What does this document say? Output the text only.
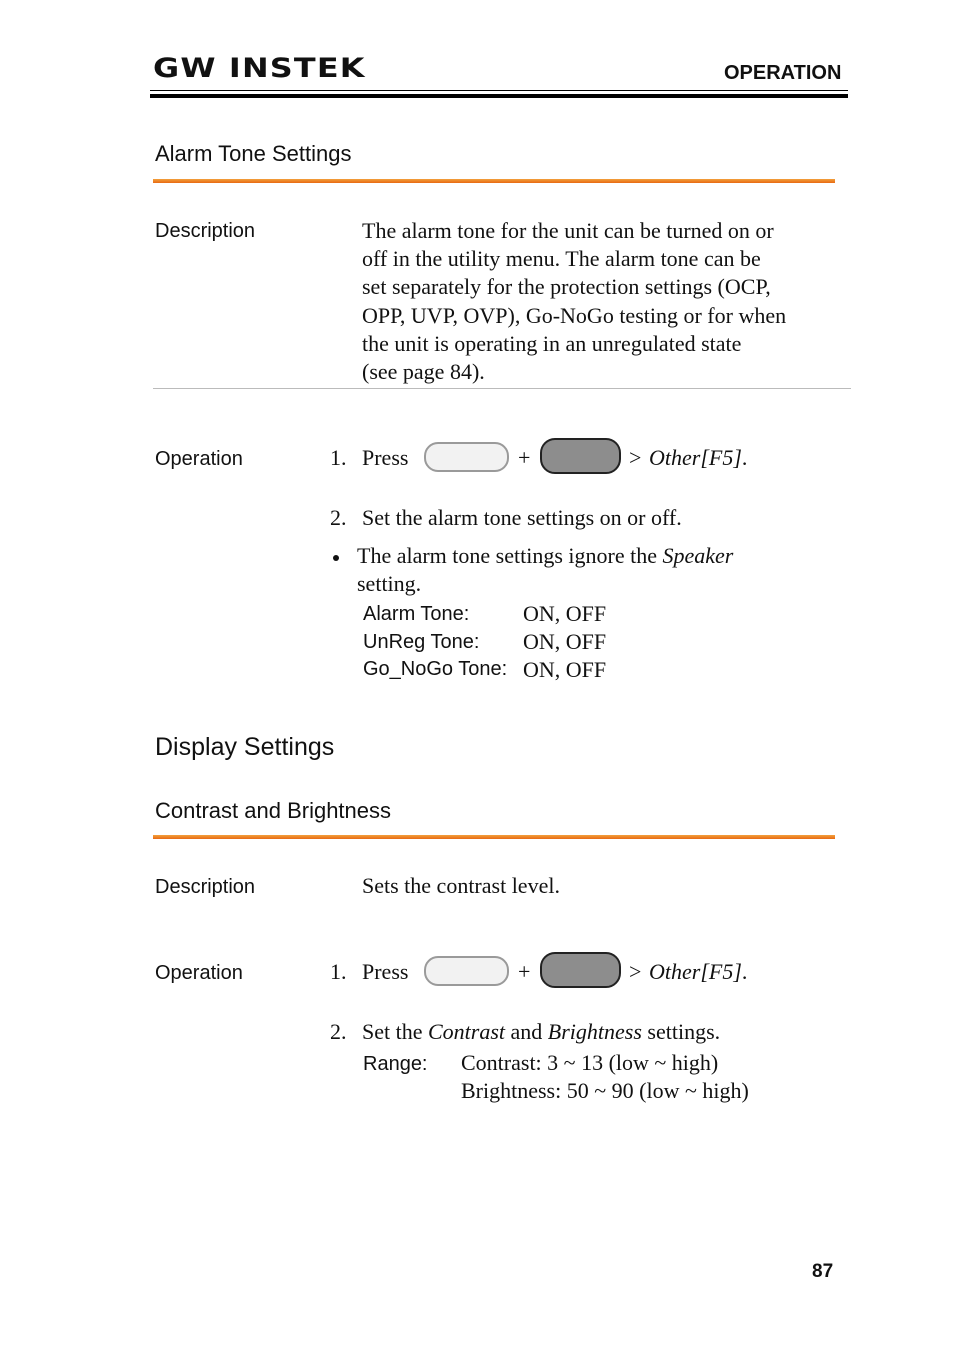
GW INSTEK	OPERATION
Alarm Tone Settings
Description	The alarm tone for the unit can be turned on or
off in the utility menu. The alarm tone can be
set separately for the protection settings (OCP,
OPP, UVP, OVP), Go-NoGo testing or for when
the unit is operating in an unregulated state
(see page 84).
Operation	1. Press	+	> Other[F5].
2. Set the alarm tone settings on or off.
The alarm tone settings ignore the Speaker
setting.
Alarm Tone: ON, OFF
UnReg Tone: ON, OFF
Go_NoGo Tone: ON, OFF
Display Settings
Contrast and Brightness
Description	Sets the contrast level.
Operation	1. Press	+	> Other[F5].
2. Set the Contrast and Brightness settings.
Range: Contrast: 3 ~ 13 (low ~ high)
Brightness: 50 ~ 90 (low ~ high)
87
